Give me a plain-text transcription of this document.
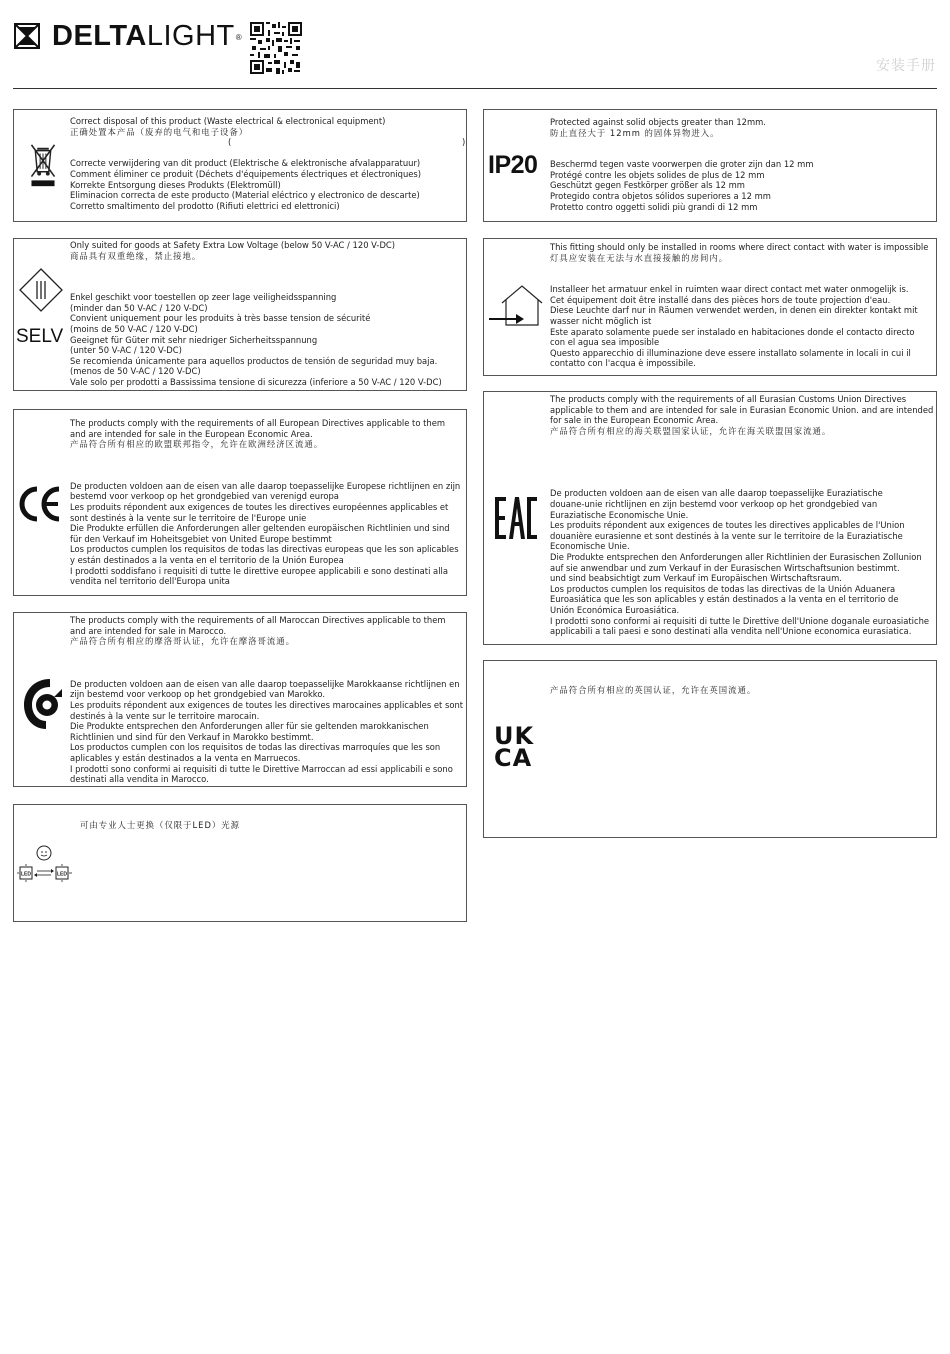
DELTALIGHT®
安装手册

Correct disposal of this product (Waste electrical & electronical equipment)

正确处置本产品（废弃的电气和电子设备）

(	)

Correcte verwijdering van dit product (Elektrische & elektronische afvalapparatuur)

Comment éliminer ce produit (Déchets d'équipements électriques et électroniques)

Korrekte Entsorgung dieses Produkts (Elektromüll)

Eliminacion correcta de este producto (Material eléctrico y electronico de descarte)

Corretto smaltimento del prodotto (Rifiuti elettrici ed elettronici)

SELV

Only suited for goods at Safety Extra Low Voltage (below 50 V-AC / 120 V-DC)

商品具有双重绝缘，禁止接地。

Enkel geschikt voor toestellen op zeer lage veiligheidsspanning

(minder dan 50 V-AC / 120 V-DC)

Convient uniquement pour les produits à très basse tension de sécurité

(moins de 50 V-AC / 120 V-DC)

Geeignet für Güter mit sehr niedriger Sicherheitsspannung

(unter 50 V-AC / 120 V-DC)

Se recomienda únicamente para aquellos productos de tensión de seguridad muy baja.

(menos de 50 V-AC / 120 V-DC)

Vale solo per prodotti a Bassissima tensione di sicurezza (inferiore a 50 V-AC / 120 V-DC)

The products comply with the requirements of all European Directives applicable to them

and are intended for sale in the European Economic Area.

产品符合所有相应的欧盟联邦指令，允许在欧洲经济区流通。

De producten voldoen aan de eisen van alle daarop toepasselijke Europese richtlijnen en zijn

bestemd voor verkoop op het grondgebied van verenigd europa

Les produits répondent aux exigences de toutes les directives européennes applicables et

sont destinés à la vente sur le territoire de l'Europe unie

Die Produkte erfüllen die Anforderungen aller geltenden europäischen Richtlinien und sind

für den Verkauf im Hoheitsgebiet von United Europe bestimmt

Los productos cumplen los requisitos de todas las directivas europeas que les son aplicables

y están destinados a la venta en el territorio de la Unión Europea

I prodotti soddisfano i requisiti di tutte le direttive europee applicabili e sono destinati alla

vendita nel territorio dell'Europa unita

The products comply with the requirements of all Maroccan Directives applicable to them

and are intended for sale in Marocco.

产品符合所有相应的摩洛哥认证，允许在摩洛哥流通。

De producten voldoen aan de eisen van alle daarop toepasselijke Marokkaanse richtlijnen en

zijn bestemd voor verkoop op het grondgebied van Marokko.

Les produits répondent aux exigences de toutes les directives marocaines applicables et sont

destinés à la vente sur le territoire marocain.

Die Produkte entsprechen den Anforderungen aller für sie geltenden marokkanischen

Richtlinien und sind für den Verkauf in Marokko bestimmt.

Los productos cumplen con los requisitos de todas las directivas marroquíes que les son

aplicables y están destinados a la venta en Marruecos.

I prodotti sono conformi ai requisiti di tutte le Direttive Marroccan ad essi applicabili e sono

destinati alla vendita in Marocco.

LED	LED
可由专业人士更换（仅限于LED）光源
IP20

Protected against solid objects greater than 12mm.

防止直径大于 12mm 的固体异物进入。

Beschermd tegen vaste voorwerpen die groter zijn dan 12 mm

Protégé contre les objets solides de plus de 12 mm

Geschützt gegen Festkörper größer als 12 mm

Protegido contra objetos sólidos superiores a 12 mm

Protetto contro oggetti solidi più grandi di 12 mm

This fitting should only be installed in rooms where direct contact with water is impossible

灯具应安装在无法与水直接接触的房间内。

Installeer het armatuur enkel in ruimten waar direct contact met water onmogelijk is.

Cet équipement doit être installé dans des pièces hors de toute projection d'eau.

Diese Leuchte darf nur in Räumen verwendet werden, in denen ein direkter kontakt mit

wasser nicht möglich ist

Este aparato solamente puede ser instalado en habitaciones donde el contacto directo

con el agua sea imposible

Questo apparecchio di illuminazione deve essere installato solamente in locali in cui il

contatto con l'acqua è impossibile.

The products comply with the requirements of all Eurasian Customs Union Directives

applicable to them and are intended for sale in Eurasian Economic Union. and are intended

for sale in the European Economic Area.

产品符合所有相应的海关联盟国家认证，允许在海关联盟国家流通。

De producten voldoen aan de eisen van alle daarop toepasselijke Euraziatische

douane-unie richtlijnen en zijn bestemd voor verkoop op het grondgebied van

Euraziatische Economische Unie.

Les produits répondent aux exigences de toutes les directives applicables de l'Union

douanière eurasienne et sont destinés à la vente sur le territoire de la Euraziatische

Economische Unie.

Die Produkte entsprechen den Anforderungen aller Richtlinien der Eurasischen Zollunion

auf sie anwendbar und zum Verkauf in der Eurasischen Wirtschaftsunion bestimmt.

und sind beabsichtigt zum Verkauf im Europäischen Wirtschaftsraum.

Los productos cumplen los requisitos de todas las directivas de la Unión Aduanera

Euroasiática que les son aplicables y están destinados a la venta en el territorio de

Unión Económica Euroasiática.

I prodotti sono conformi ai requisiti di tutte le Direttive dell'Unione doganale euroasiatiche

applicabili a tali paesi e sono destinati alla vendita nell'Unione economica eurasiatica.

UK
CA
产品符合所有相应的英国认证，允许在英国流通。
